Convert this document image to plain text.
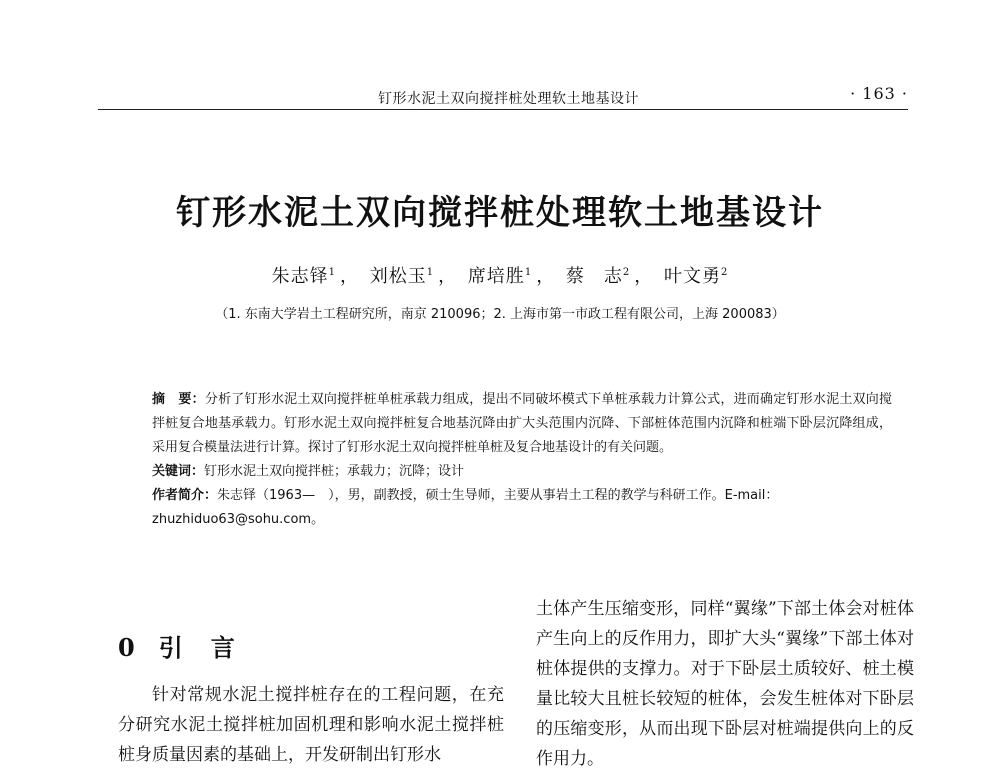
钉形水泥土双向搅拌桩处理软土地基设计	· 163 ·
钉形水泥土双向搅拌桩处理软土地基设计
朱志铎$^1$ ， 刘松玉$^1$ ， 席培胜$^1$ ， 蔡　志$^2$ ， 叶文勇$^2$
（1. 东南大学岩土工程研究所，南京 210096；2. 上海市第一市政工程有限公司，上海 200083）

摘　要：分析了钉形水泥土双向搅拌桩单桩承载力组成，提出不同破坏模式下单桩承载力计算公式，进而确定钉形水泥土双向搅拌桩复合地基承载力。钉形水泥土双向搅拌桩复合地基沉降由扩大头范围内沉降、下部桩体范围内沉降和桩端下卧层沉降组成，采用复合模量法进行计算。探讨了钉形水泥土双向搅拌桩单桩及复合地基设计的有关问题。

关键词：钉形水泥土双向搅拌桩；承载力；沉降；设计

作者简介：朱志铎（1963—　），男，副教授，硕士生导师，主要从事岩土工程的教学与科研工作。E-mail：
zhuzhiduo63@sohu.com。

0 引言

针对常规水泥土搅拌桩存在的工程问题，在充分研究水泥土搅拌桩加固机理和影响水泥土搅拌桩桩身质量因素的基础上，开发研制出钉形水

土体产生压缩变形，同样“翼缘”下部土体会对桩体产生向上的反作用力，即扩大头“翼缘”下部土体对桩体提供的支撑力。对于下卧层土质较好、桩土模量比较大且桩长较短的桩体，会发生桩体对下卧层的压缩变形，从而出现下卧层对桩端提供向上的反作用力。
